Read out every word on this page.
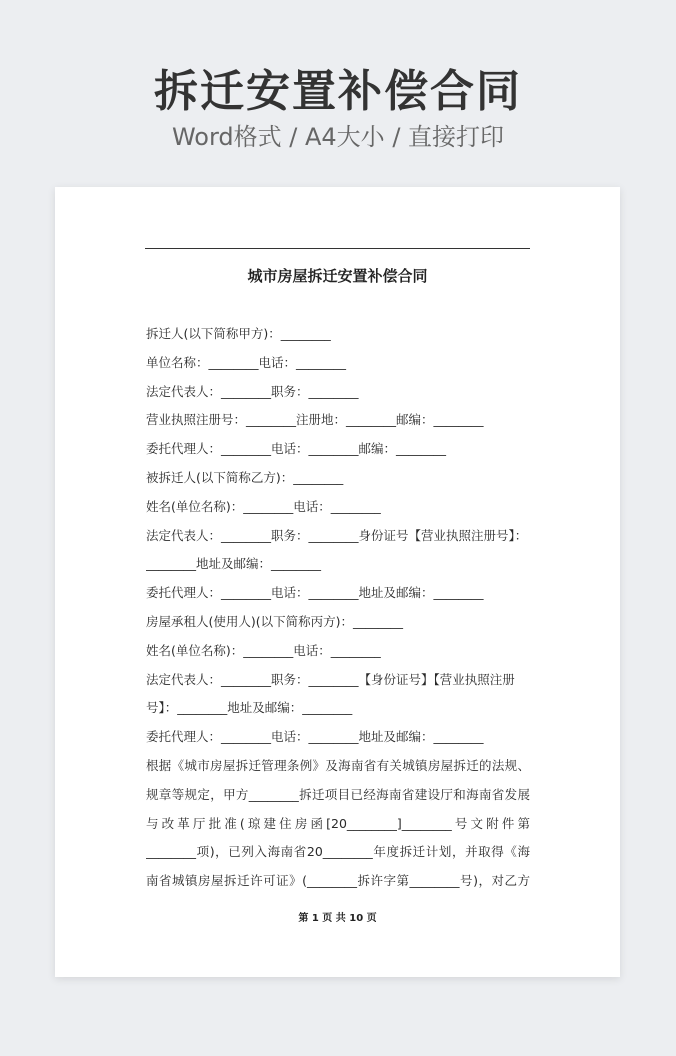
拆迁安置补偿合同
Word格式 / A4大小 / 直接打印
城市房屋拆迁安置补偿合同
拆迁人(以下简称甲方)：________
单位名称：________电话：________
法定代表人：________职务：________
营业执照注册号：________注册地：________邮编：________
委托代理人：________电话：________邮编：________
被拆迁人(以下简称乙方)：________
姓名(单位名称)：________电话：________
法定代表人：________职务：________身份证号【营业执照注册号】：
________地址及邮编：________
委托代理人：________电话：________地址及邮编：________
房屋承租人(使用人)(以下简称丙方)：________
姓名(单位名称)：________电话：________
法定代表人：________职务：________【身份证号】【营业执照注册
号】：________地址及邮编：________
委托代理人：________电话：________地址及邮编：________
根据《城市房屋拆迁管理条例》及海南省有关城镇房屋拆迁的法规、
规章等规定，甲方________拆迁项目已经海南省建设厅和海南省发展
与改革厅批准(琼建住房函[20________]________号文附件第
________项)，已列入海南省20________年度拆迁计划，并取得《海
南省城镇房屋拆迁许可证》(________拆许字第________号)，对乙方
第 1 页 共 10 页
